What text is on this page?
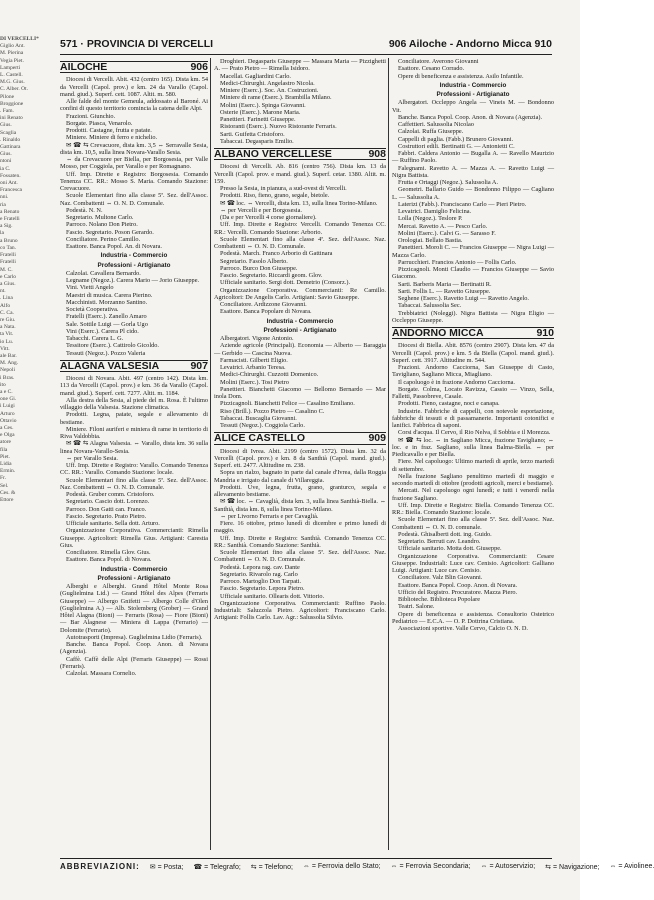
DI VERCELLI*
Giglio Ant.
M. Pierina
Vegia Piet.
Lamperti
L. Castell.
M.G. Gius.
C. Alber. Ot.
Pilone
Broggione
. Fam.
ini Renato
Gius.
Scaglia
. Rinaldo
Gattinara
Gius.
ntoni
ia C.
Fossaten.
oni Ant.
Francesca
nni.
ria
a Renato
e Fratelli
a Sig.
la
a Bruno
co Tan.
Fratelli
Fratelli
M. C.
e Carlo
a Gius.
nt.
. Lina
Alfo
C. Ca.
re Giu.
a Nata.
ta Vit.
io Lu.
Vitt.
ale Bar.
M. Ang.
Nepoli
i Bras.
ito
a e C.
one Gi.
i Luigi
Arturo
Ottavio
a Ces.
e Olga
atore
fila
Piet.
Lidia
Ermin.
Fr.
Sel.
Ces. &
Ettore
571 · PROVINCIA DI VERCELLI	906 Ailoche - Andorno Micca 910
AILOCHE	906

Diocesi di Vercelli. Abit. 432 (centro 165). Dista km. 54 da Vercelli (Capol. prov.) e km. 24 da Varallo (Capol. mand. giud.). Superf. cett. 1087. Altit. m. 580.

Alle falde del monte Gemeula, addossato al Baroné. Ai confini di questo territorio comincia la catena delle Alpi.

Frazioni. Giunchio.

Borgate. Piasca, Venarolo.

Prodotti. Castagne, frutta e patate.

Miniere. Miniere di ferro e nichelio.

✉ ☎ ⇆ Crevacuore, dista km. 3,5 ⇔ Serravalle Sesia, dista km. 10,5, sulla linea Novara-Varallo Sesia.

⇔ da Crevacuore per Biella, per Borgosesia, per Valle Mosso, per Coggiola, per Varallo e per Romagnano.

Uff. Imp. Dirette e Registro: Borgosesia. Comando Tenenza CC. RR.: Mosso S. Maria. Comando Stazione: Crevacuore.

Scuole Elementari fino alla classe 5ª. Sez. dell'Assoc. Naz. Combattenti ⇔ O. N. D. Comunale.

Podestà. N. N.

Segretario. Multone Carlo.

Parroco. Nolano Don Pietro.

Fascio. Segretario. Poson Gerardo.

Conciliatore. Perino Camillo.

Esattore. Banca Popol. An. di Novara.

Industria - Commercio
Professioni - Artigianato

Calzolai. Cavallera Bernardo.

Legname (Negoz.). Carera Mario — Jorio Giuseppe.

Vini. Vietti Angelo

Maestri di musica. Carera Pierino.

Macchinisti. Morzanno Santino.

Società Cooperativa.

Fratelli (Eserc.). Zanello Amaro

Sale. Sottile Luigi — Gorla Ugo

Vini (Eserc.). Carera Pl cido.

Tabacchi. Carera L. G.

Tessitore (Eserc.). Cattirolo Gicoldo.

Tessuti (Negoz.). Pozzo Valeria

ALAGNA VALSESIA	907

Diocesi di Novara. Abit. 497 (centro 142). Dista km. 113 da Vercelli (Capol. prov.) e km. 36 da Varallo (Capol. mand. giud.). Superf. cett. 7277. Altit. m. 1184.

Alla destra della Sesia, al piede del m. Rosa. È l'ultimo villaggio della Valsesia. Stazione climatica.

Prodotti. Legna, patate, segale e allevamento di bestiame.

Miniere. Filoni auriferi e miniera di rame in territorio di Riva Valdobbia.

✉ ☎ ⇆ Alagna Valsesia. ⇔ Varallo, dista km. 36 sulla linea Novara-Varallo-Sesia.

⇔ per Varallo Sesia.

Uff. Imp. Dirette e Registro: Varallo. Comando Tenenza CC. RR.: Varallo. Comando Stazione: locale.

Scuole Elementari fino alla classe 5ª. Sez. dell'Assoc. Naz. Combattenti ⇔ O. N. D. Comunale.

Podestà. Gruber comm. Cristoforo.

Segretario. Cascio dott. Lorenzo.

Parroco. Don Gatti can. Franco.

Fascio. Segretario. Prato Pietro.

Ufficiale sanitario. Sella dott. Arturo.

Organizzazione Corporativa. Commercianti: Rimella Giuseppe. Agricoltori: Rimella Gius. Artigiani: Carestia Gius.

Conciliatore. Rimella Glov. Gius.

Esattore. Banca Popol. di Novara.

Industria - Commercio
Professioni - Artigianato

Alberghi e Alberghi. Grand Hôtel Monte Rosa (Guglielmina Lid.) — Grand Hôtel des Alpes (Ferraris Giuseppe) — Albergo Gnifetti — Albergo Colle d'Olen (Guglielmina A.) — Alb. Stolemberg (Grober) — Grand Hôtel Alagna (Bioni) — Ferraris (Rosa) — Fiore (Bioni) — Bar Alagnese — Miniera di Lappa (Ferrario) — Dolomite (Ferrario).

Autotrasporti (Impresa). Guglielmina Lidio (Ferraris).

Banche. Banca Popol. Coop. Anon. di Novara (Agenzia).

Caffè. Caffè delle Alpi (Ferraris Giuseppe) — Rossi (Ferraris).

Calzolai. Massara Cornelio.

Droghieri. Degasparis Giuseppe — Massara Maria — Pizzighetti A. — Prato Pietro — Rimella Isidoro.

Macellai. Gagliardini Carlo.

Medici-Chirurghi. Angelastro Nicola.

Miniere (Eserc.). Soc. An. Costruzioni.

Miniere di rame (Eserc.). Brambilla Milano.

Molini (Eserc.). Spinga Giovanni.

Osterie (Eserc.). Marone Maria.

Panettieri. Farinetti Giuseppe.

Ristoranti (Eserc.). Nuovo Ristorante Ferraris.

Sarti. Guifetta Cristoforo.

Tabaccai. Degasparis Emilio.

ALBANO VERCELLESE	908

Diocesi di Vercelli. Ab. 816 (centro 756). Dista km. 13 da Vercelli (Capol. prov. e mand. giud.). Superf. cetar. 1380. Altit. m. 159.

Presso la Sesia, in pianura, a sud-ovest di Vercelli.

Prodotti. Riso, fieno, grano, segale, bietole.

✉ ☎ loc. ⇔ Vercelli, dista km. 13, sulla linea Torino-Milano.

⇔ per Vercelli e per Borgosesia.

(Da e per Vercelli 4 corse giornaliere).

Uff. Imp. Dirette e Registro: Vercelli. Comando Tenenza CC. RR.: Vercelli. Comando Stazione: Arborio.

Scuole Elementari fino alla classe 4ª. Sez. dell'Assoc. Naz. Combattenti ⇔ O. N. D. Comunale.

Podestà. March. Franco Arborio di Gattinara

Segretario. Fasolo Alberto.

Parroco. Burco Don Giuseppe.

Fascio. Segretario. Riccardi geom. Glov.

Ufficiale sanitario. Sergi dott. Demetrio (Consorz.).

Organizzazione Corporativa. Commercianti: Re Camillo. Agricoltori: De Angelis Carlo. Artigiani: Savio Giuseppe.

Conciliatore. Ardizzone Giovanni.

Esattore. Banca Popolare di Novara.

Industria - Commercio
Professioni - Artigianato

Albergatori. Vigone Antonio.

Aziende agricole (Principali). Economia — Alberto — Baraggia — Gerbido — Cascina Nuova.

Farmacisti. Gilberti Eligio.

Levatrici. Arbanio Teresa.

Medici-Chirurghi. Cuzzotti Domenico.

Molini (Eserc.). Tosi Pietro

Panettieri. Bianchetti Giacomo — Bellomo Bernardo — Mar inola Dom.

Pizzicagnoli. Bianchetti Felice — Casalino Emiliano.

Riso (Brill.). Pozzo Pietro — Casalino C.

Tabaccai. Buscaglia Giovanni.

Tessuti (Negoz.). Coggiola Carlo.

ALICE CASTELLO	909

Diocesi di Ivrea. Abit. 2199 (centro 1572). Dista km. 32 da Vercelli (Capol. prov.) e km. 8 da Santhià (Capol. mand. giud.). Superf. ett. 2477. Altitudine m. 238.

Sopra un rialzo, bagnato in parte dal canale d'Ivrea, dalla Roggia Mandria e irrigato dal canale di Villareggia.

Prodotti. Uve, legna, frutta, grano, granturco, segala e allevamento bestiame.

✉ ☎ loc. ⇔ Cavaglià, dista km. 3, sulla linea Santhià-Biella. ⇔ Santhià, dista km. 8, sulla linea Torino-Milano.

⇔ per Livorno Ferraris e per Cavaglià.

Fiere. 16 ottobre, primo lunedì di dicembre e primo lunedì di maggio.

Uff. Imp. Dirette e Registro: Santhià. Comando Tenenza CC. RR.: Santhià. Comando Stazione: Santhià.

Scuole Elementari fino alla classe 5ª. Sez. dell'Assoc. Naz. Combattenti ⇔ O. N. D. Comunale.

Podestà. Lepora rag. cav. Dante

Segretario. Rivarolo rag. Carlo

Parroco. Martoglio Don Tarpati.

Fascio. Segretario. Lepora Pietro.

Ufficiale sanitario. Ollearis dott. Vittorio.

Organizzazione Corporativa. Commercianti: Ruffino Paolo. Industriali: Saluzzola Pietro. Agricoltori: Franciscano Carlo. Artigiani: Follis Carlo. Lav. Agr.: Salussolia Silvio.

Conciliatore. Averono Giovanni

Esattore. Cesano Corrado.

Opere di beneficenza e assistenza. Asilo Infantile.

Industria - Commercio
Professioni - Artigianato

Albergatori. Occleppo Angela — Vineis M. — Bondonno Vit.

Banche. Banca Popol. Coop. Anon. di Novara (Agenzia).

Caffettieri. Salussolia Nicolao

Calzolai. Ruffa Giuseppe.

Cappelli di paglia. (Fabb.) Brunero Giovanni.

Costruttori edili. Bertinatti G. — Antonietti C.

Fabbri. Caldera Antonio — Bugalla A. — Ravello Maurizio — Ruffino Paolo.

Falegnami. Ravetto A. — Mazza A. — Ravetto Luigi — Nigra Battista.

Frutta e Ortaggi (Negoz.). Salussolia A.

Geometri. Ballario Guido — Bondonno Filippo — Cagliano L. — Salussolia A.

Laterizi (Fabb.). Franciscano Carlo — Pieri Pietro.

Levatrici. Damiglio Felicina.

Lolla (Negoz.). Teslore P.

Mercai. Ravetto A. — Pesco Carlo.

Molini (Eserc.). Calvi G. — Sarasso F.

Orologiai. Bellato Bastia.

Panettieri. Moroli C. — Francios Giuseppe — Nigra Luigi — Mazza Carlo.

Parrucchieri. Francios Antonio — Follis Carlo.

Pizzicagnoli. Monti Claudio — Francios Giuseppe — Savio Giacomo.

Sarti. Barberis Maria — Bertinatti R.

Sarti. Follis L. — Ravetto Giuseppe.

Seghene (Eserc.). Ravetto Luigi — Ravetto Angelo.

Tabaccai. Salussolia Sec.

Trebbiatrici (Noleggi). Nigra Battista — Nigra Eligio — Occleppo Giuseppe.

ANDORNO MICCA	910

Diocesi di Biella. Abit. 8576 (centro 2907). Dista km. 47 da Vercelli (Capol. prov.) e km. 5 da Biella (Capol. mand. giud.). Superf. cett. 3917. Altitudine m. 544.

Frazioni. Andorno Cacciorna, San Giuseppe di Casto, Tavigliano, Sagliano Micca, Miagliano.

Il capoluogo è in frazione Andorno Cacciorna.

Borgate. Colma, Locato Ravizza, Cassio — Vinzo, Sella, Falletti, Passobreve, Casale.

Prodotti. Fieno, castagne, noci e canapa.

Industrie. Fabbriche di cappelli, con notevole esportazione, fabbriche di tessuti e di passamanerie. Importanti cotonifici e lanifici. Fabbrica di saponi.

Corsi d'acqua. Il Cervo, il Rio Nelva, il Sobbia e il Morezza.

✉ ☎ ⇆ loc. ⇔ in Sagliano Micca, frazione Tavigliano; ⇔ loc. e in fraz. Sagliano, sulla linea Balma-Biella. ⇔ per Piedicavallo e per Biella.

Fiere. Nel capoluogo: Ultimo martedì di aprile, terzo martedì di settembre.

Nella frazione Sagliano penultimo martedì di maggio e secondo martedì di ottobre (prodotti agricoli, merci e bestiame).

Mercati. Nel capoluogo ogni lunedì; e tutti i venerdì nella frazione Sagliano.

Uff. Imp. Dirette e Registro: Biella. Comando Tenenza CC. RR.: Biella. Comando Stazione: locale.

Scuole Elementari fino alla classe 5ª. Sez. dell'Assoc. Naz. Combattenti ⇔ O. N. D. comunale.

Podestà. Ghisalberti dott. ing. Guido.

Segretario. Berruti cav. Leandro.

Ufficiale sanitario. Motta dott. Giuseppe.

Organizzazione Corporativa. Commercianti: Cesare Giuseppe. Industriali: Luce cav. Cenisio. Agricoltori: Galliano Luigi. Artigiani: Luce cav. Cenisio.

Conciliatore. Valz Blin Giovanni.

Esattore. Banca Popol. Coop. Anon. di Novara.

Ufficio del Registro. Procuratore. Mazza Piero.

Biblioteche. Biblioteca Popolare

Teatri. Salone.

Opere di beneficenza e assistenza. Consultorio Ostetrico Pediatrico — E.C.A. — O. P. Dottrina Cristiana.

Associazioni sportive. Valle Cervo, Calcio O. N. D.

ABBREVIAZIONI: ✉ = Posta; ☎ = Telegrafo; ⇆ = Telefono; ⇔ = Ferrovia dello Stato; ⇔ = Ferrovia Secondaria; ⇔ = Autoservizio; ⇆ = Navigazione; ⇔ = Aviolinee.
